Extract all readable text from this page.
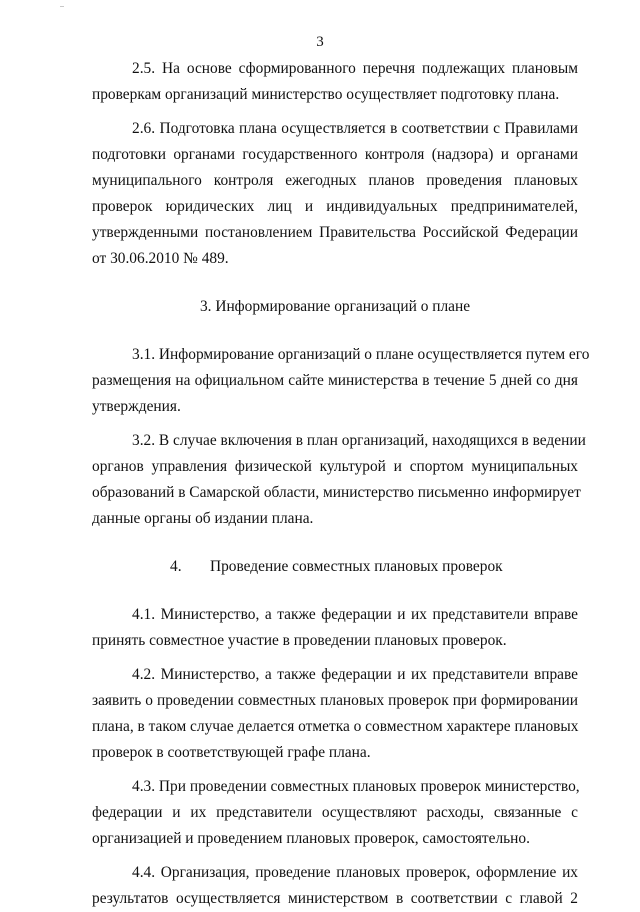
3

2.5. На основе сформированного перечня подлежащих плановым
проверкам организаций министерство осуществляет подготовку плана.

2.6. Подготовка плана осуществляется в соответствии с Правилами
подготовки органами государственного контроля (надзора) и органами
муниципального контроля ежегодных планов проведения плановых
проверок юридических лиц и индивидуальных предпринимателей,
утвержденными постановлением Правительства Российской Федерации
от 30.06.2010 № 489.

3. Информирование организаций о плане

3.1. Информирование организаций о плане осуществляется путем его
размещения на официальном сайте министерства в течение 5 дней со дня
утверждения.

3.2. В случае включения в план организаций, находящихся в ведении
органов управления физической культурой и спортом муниципальных
образований в Самарской области, министерство письменно информирует
данные органы об издании плана.

4. Проведение совместных плановых проверок

4.1. Министерство, а также федерации и их представители вправе
принять совместное участие в проведении плановых проверок.

4.2. Министерство, а также федерации и их представители вправе
заявить о проведении совместных плановых проверок при формировании
плана, в таком случае делается отметка о совместном характере плановых
проверок в соответствующей графе плана.

4.3. При проведении совместных плановых проверок министерство,
федерации и их представители осуществляют расходы, связанные с
организацией и проведением плановых проверок, самостоятельно.

4.4. Организация, проведение плановых проверок, оформление их
результатов осуществляется министерством в соответствии с главой 2
